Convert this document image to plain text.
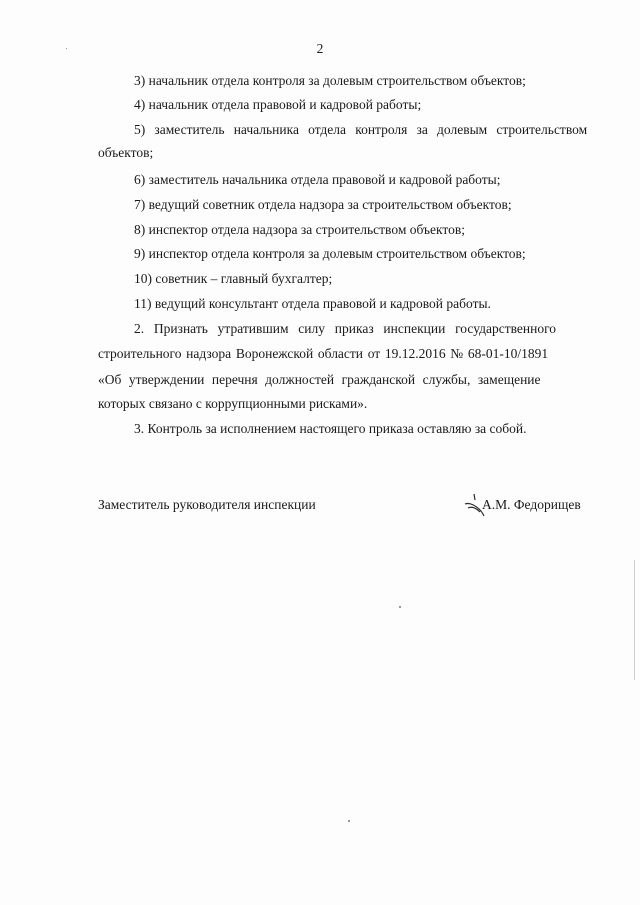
2
3) начальник отдела контроля за долевым строительством объектов;
4) начальник отдела правовой и кадровой работы;
5) заместитель начальника отдела контроля за долевым строительством
объектов;
6) заместитель начальника отдела правовой и кадровой работы;
7) ведущий советник отдела надзора за строительством объектов;
8) инспектор отдела надзора за строительством объектов;
9) инспектор отдела контроля за долевым строительством объектов;
10) советник – главный бухгалтер;
11) ведущий консультант отдела правовой и кадровой работы.
2. Признать утратившим силу приказ инспекции государственного
строительного надзора Воронежской области от 19.12.2016 № 68-01-10/1891
«Об утверждении перечня должностей гражданской службы, замещение
которых связано с коррупционными рисками».
3. Контроль за исполнением настоящего приказа оставляю за собой.
Заместитель руководителя инспекции	А.М. Федорищев
